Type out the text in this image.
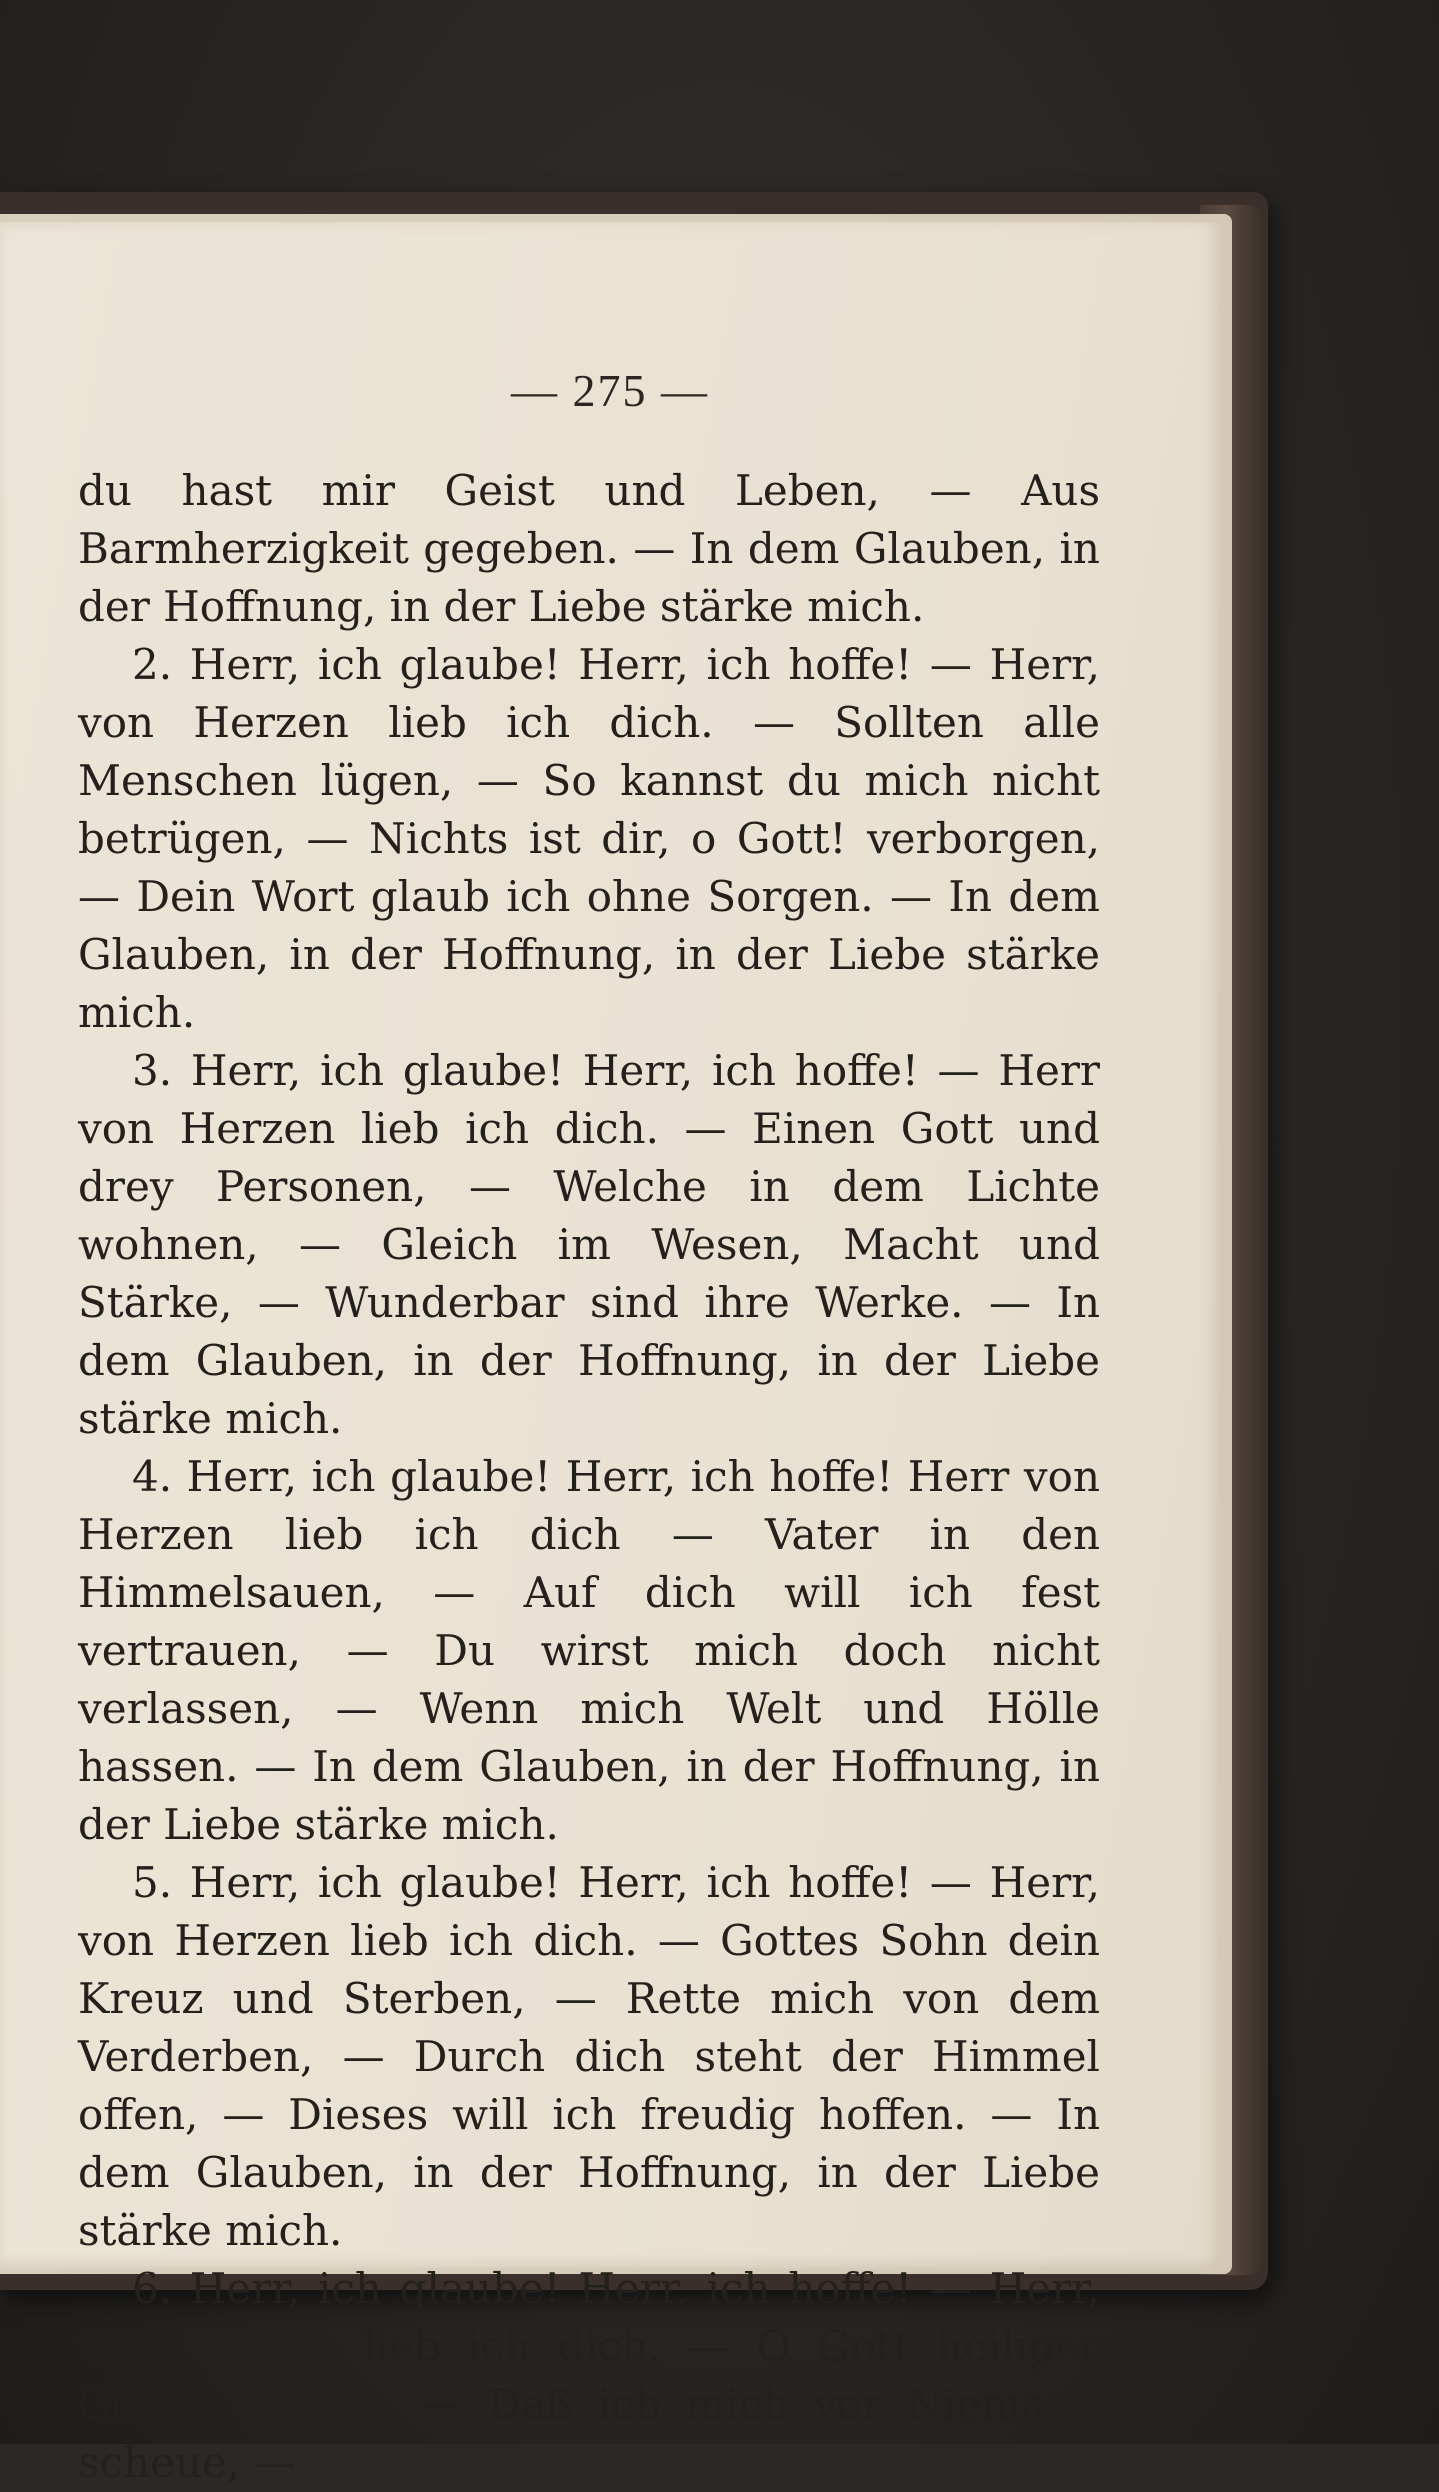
— 275 —
du hast mir Geist und Leben, — Aus Barmherzigkeit gegeben. — In dem Glauben, in der Hoffnung, in der Liebe stärke mich.
2. Herr, ich glaube! Herr, ich hoffe! — Herr, von Herzen lieb ich dich. — Sollten alle Menschen lügen, — So kannst du mich nicht betrügen, — Nichts ist dir, o Gott! verborgen, — Dein Wort glaub ich ohne Sorgen. — In dem Glauben, in der Hoffnung, in der Liebe stärke mich.
3. Herr, ich glaube! Herr, ich hoffe! — Herr von Herzen lieb ich dich. — Einen Gott und drey Personen, — Welche in dem Lichte wohnen, — Gleich im Wesen, Macht und Stärke, — Wunderbar sind ihre Werke. — In dem Glauben, in der Hoffnung, in der Liebe stärke mich.
4. Herr, ich glaube! Herr, ich hoffe! Herr von Herzen lieb ich dich — Vater in den Himmelsauen, — Auf dich will ich fest vertrauen, — Du wirst mich doch nicht verlassen, — Wenn mich Welt und Hölle hassen. — In dem Glauben, in der Hoffnung, in der Liebe stärke mich.
5. Herr, ich glaube! Herr, ich hoffe! — Herr, von Herzen lieb ich dich. — Gottes Sohn dein Kreuz und Sterben, — Rette mich von dem Verderben, — Durch dich steht der Himmel offen, — Dieses will ich freudig hoffen. — In dem Glauben, in der Hoffnung, in der Liebe stärke mich.
6. Herr, ich glaube! Herr, ich hoffe! — Herr, von Herzen lieb ich dich. — O Gott heiliger Geist verleihe, — Daß ich mich vor Niemand scheue, —
